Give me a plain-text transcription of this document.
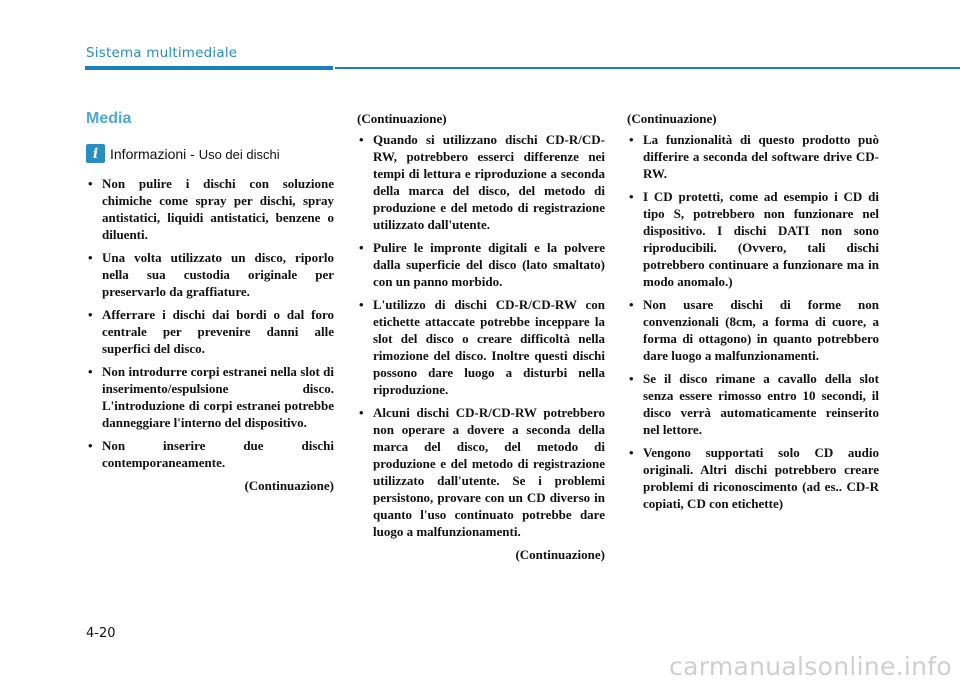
Sistema multimediale
Media
i Informazioni - Uso dei dischi
• Non pulire i dischi con soluzione chimiche come spray per dischi, spray antistatici, liquidi antistatici, benzene o diluenti.
• Una volta utilizzato un disco, riporlo nella sua custodia originale per preservarlo da graffiature.
• Afferrare i dischi dai bordi o dal foro centrale per prevenire danni alle superfici del disco.
• Non introdurre corpi estranei nella slot di inserimento/espulsione disco. L'introduzione di corpi estranei potrebbe danneggiare l'interno del dispositivo.
• Non inserire due dischi contemporaneamente.
(Continuazione)
(Continuazione)
• Quando si utilizzano dischi CD-R/CD-RW, potrebbero esserci differenze nei tempi di lettura e riproduzione a seconda della marca del disco, del metodo di produzione e del metodo di registrazione utilizzato dall'utente.
• Pulire le impronte digitali e la polvere dalla superficie del disco (lato smaltato) con un panno morbido.
• L'utilizzo di dischi CD-R/CD-RW con etichette attaccate potrebbe inceppare la slot del disco o creare difficoltà nella rimozione del disco. Inoltre questi dischi possono dare luogo a disturbi nella riproduzione.
• Alcuni dischi CD-R/CD-RW potrebbero non operare a dovere a seconda della marca del disco, del metodo di produzione e del metodo di registrazione utilizzato dall'utente. Se i problemi persistono, provare con un CD diverso in quanto l'uso continuato potrebbe dare luogo a malfunzionamenti.
(Continuazione)
(Continuazione)
• La funzionalità di questo prodotto può differire a seconda del software drive CD-RW.
• I CD protetti, come ad esempio i CD di tipo S, potrebbero non funzionare nel dispositivo. I dischi DATI non sono riproducibili. (Ovvero, tali dischi potrebbero continuare a funzionare ma in modo anomalo.)
• Non usare dischi di forme non convenzionali (8cm, a forma di cuore, a forma di ottagono) in quanto potrebbero dare luogo a malfunzionamenti.
• Se il disco rimane a cavallo della slot senza essere rimosso entro 10 secondi, il disco verrà automaticamente reinserito nel lettore.
• Vengono supportati solo CD audio originali. Altri dischi potrebbero creare problemi di riconoscimento (ad es.. CD-R copiati, CD con etichette)
4-20
carmanualsonline.info
